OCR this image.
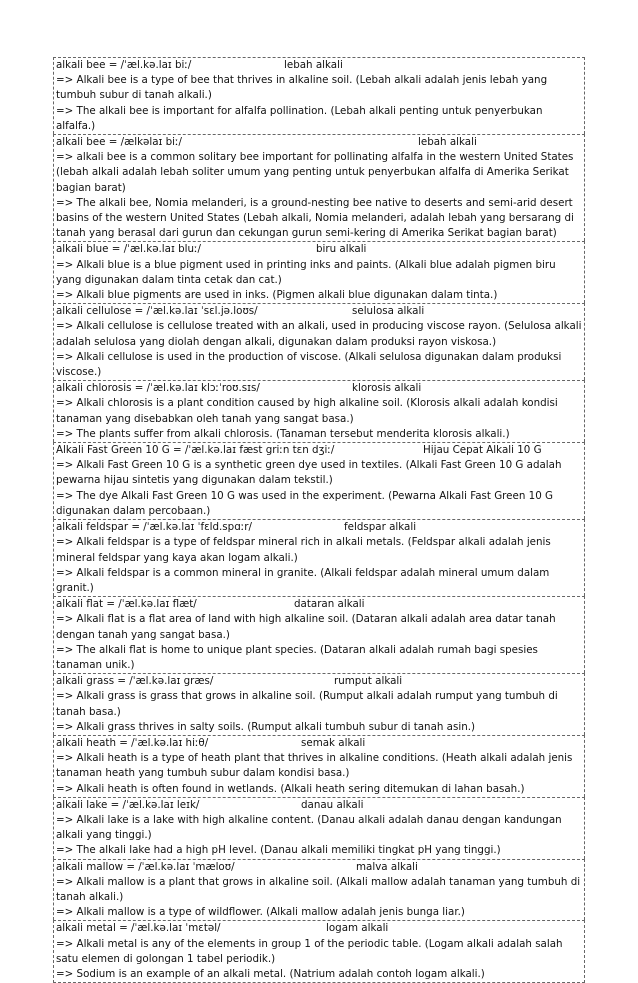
alkali bee = /ˈæl.kə.laɪ biː/	lebah alkali
=> Alkali bee is a type of bee that thrives in alkaline soil. (Lebah alkali adalah jenis lebah yang tumbuh subur di tanah alkali.)
=> The alkali bee is important for alfalfa pollination. (Lebah alkali penting untuk penyerbukan alfalfa.)
alkali bee = /ælkəlaɪ biː/	lebah alkali
=> alkali bee is a common solitary bee important for pollinating alfalfa in the western United States (lebah alkali adalah lebah soliter umum yang penting untuk penyerbukan alfalfa di Amerika Serikat bagian barat)
=> The alkali bee, Nomia melanderi, is a ground-nesting bee native to deserts and semi-arid desert basins of the western United States (Lebah alkali, Nomia melanderi, adalah lebah yang bersarang di tanah yang berasal dari gurun dan cekungan gurun semi-kering di Amerika Serikat bagian barat)
alkali blue = /ˈæl.kə.laɪ bluː/	biru alkali
=> Alkali blue is a blue pigment used in printing inks and paints. (Alkali blue adalah pigmen biru yang digunakan dalam tinta cetak dan cat.)
=> Alkali blue pigments are used in inks. (Pigmen alkali blue digunakan dalam tinta.)
alkali cellulose = /ˈæl.kə.laɪ ˈsɛl.jə.loʊs/	selulosa alkali
=> Alkali cellulose is cellulose treated with an alkali, used in producing viscose rayon. (Selulosa alkali adalah selulosa yang diolah dengan alkali, digunakan dalam produksi rayon viskosa.)
=> Alkali cellulose is used in the production of viscose. (Alkali selulosa digunakan dalam produksi viscose.)
alkali chlorosis = /ˈæl.kə.laɪ klɔːˈroʊ.sɪs/	klorosis alkali
=> Alkali chlorosis is a plant condition caused by high alkaline soil. (Klorosis alkali adalah kondisi tanaman yang disebabkan oleh tanah yang sangat basa.)
=> The plants suffer from alkali chlorosis. (Tanaman tersebut menderita klorosis alkali.)
Alkali Fast Green 10 G = /ˈæl.kə.laɪ fæst griːn tɛn dʒiː/	Hijau Cepat Alkali 10 G
=> Alkali Fast Green 10 G is a synthetic green dye used in textiles. (Alkali Fast Green 10 G adalah pewarna hijau sintetis yang digunakan dalam tekstil.)
=> The dye Alkali Fast Green 10 G was used in the experiment. (Pewarna Alkali Fast Green 10 G digunakan dalam percobaan.)
alkali feldspar = /ˈæl.kə.laɪ ˈfɛld.spɑːr/	feldspar alkali
=> Alkali feldspar is a type of feldspar mineral rich in alkali metals. (Feldspar alkali adalah jenis mineral feldspar yang kaya akan logam alkali.)
=> Alkali feldspar is a common mineral in granite. (Alkali feldspar adalah mineral umum dalam granit.)
alkali flat = /ˈæl.kə.laɪ flæt/	dataran alkali
=> Alkali flat is a flat area of land with high alkaline soil. (Dataran alkali adalah area datar tanah dengan tanah yang sangat basa.)
=> The alkali flat is home to unique plant species. (Dataran alkali adalah rumah bagi spesies tanaman unik.)
alkali grass = /ˈæl.kə.laɪ græs/	rumput alkali
=> Alkali grass is grass that grows in alkaline soil. (Rumput alkali adalah rumput yang tumbuh di tanah basa.)
=> Alkali grass thrives in salty soils. (Rumput alkali tumbuh subur di tanah asin.)
alkali heath = /ˈæl.kə.laɪ hiːθ/	semak alkali
=> Alkali heath is a type of heath plant that thrives in alkaline conditions. (Heath alkali adalah jenis tanaman heath yang tumbuh subur dalam kondisi basa.)
=> Alkali heath is often found in wetlands. (Alkali heath sering ditemukan di lahan basah.)
alkali lake = /ˈæl.kə.laɪ leɪk/	danau alkali
=> Alkali lake is a lake with high alkaline content. (Danau alkali adalah danau dengan kandungan alkali yang tinggi.)
=> The alkali lake had a high pH level. (Danau alkali memiliki tingkat pH yang tinggi.)
alkali mallow = /ˈæl.kə.laɪ ˈmæloʊ/	malva alkali
=> Alkali mallow is a plant that grows in alkaline soil. (Alkali mallow adalah tanaman yang tumbuh di tanah alkali.)
=> Alkali mallow is a type of wildflower. (Alkali mallow adalah jenis bunga liar.)
alkali metal = /ˈæl.kə.laɪ ˈmɛtəl/	logam alkali
=> Alkali metal is any of the elements in group 1 of the periodic table. (Logam alkali adalah salah satu elemen di golongan 1 tabel periodik.)
=> Sodium is an example of an alkali metal. (Natrium adalah contoh logam alkali.)
